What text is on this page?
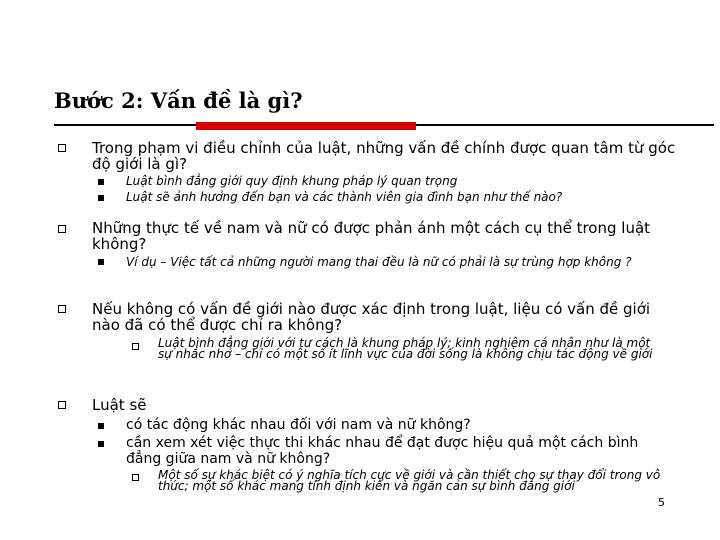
Bước 2: Vấn đề là gì?
Trong phạm vi điều chỉnh của luật, những vấn đề chính được quan tâm từ góc độ giới là gì?
Luật bình đẳng giới quy định khung pháp lý quan trọng
Luật sẽ ảnh hưởng đến bạn và các thành viên gia đình bạn như thế nào?
Những thực tế về nam và nữ có được phản ánh một cách cụ thể trong luật không?
Ví dụ – Việc tất cả những người mang thai đều là nữ có phải là sự trùng hợp không ?
Nếu không có vấn đề giới nào được xác định trong luật, liệu có vấn đề giới nào đã có thể được chỉ ra không?
Luật bình đẳng giới với tư cách là khung pháp lý; kinh nghiệm cá nhân như là một sự nhắc nhở – chỉ có một số ít lĩnh vực của đời sống là không chịu tác động về giới
Luật sẽ
có tác động khác nhau đối với nam và nữ không?
cần xem xét việc thực thi khác nhau để đạt được hiệu quả một cách bình đẳng giữa nam và nữ không?
Một số sự khác biệt có ý nghĩa tích cực về giới và cần thiết cho sự thay đổi trong vô thức; một số khác mang tính định kiến và ngăn cản sự bình đẳng giới
5
